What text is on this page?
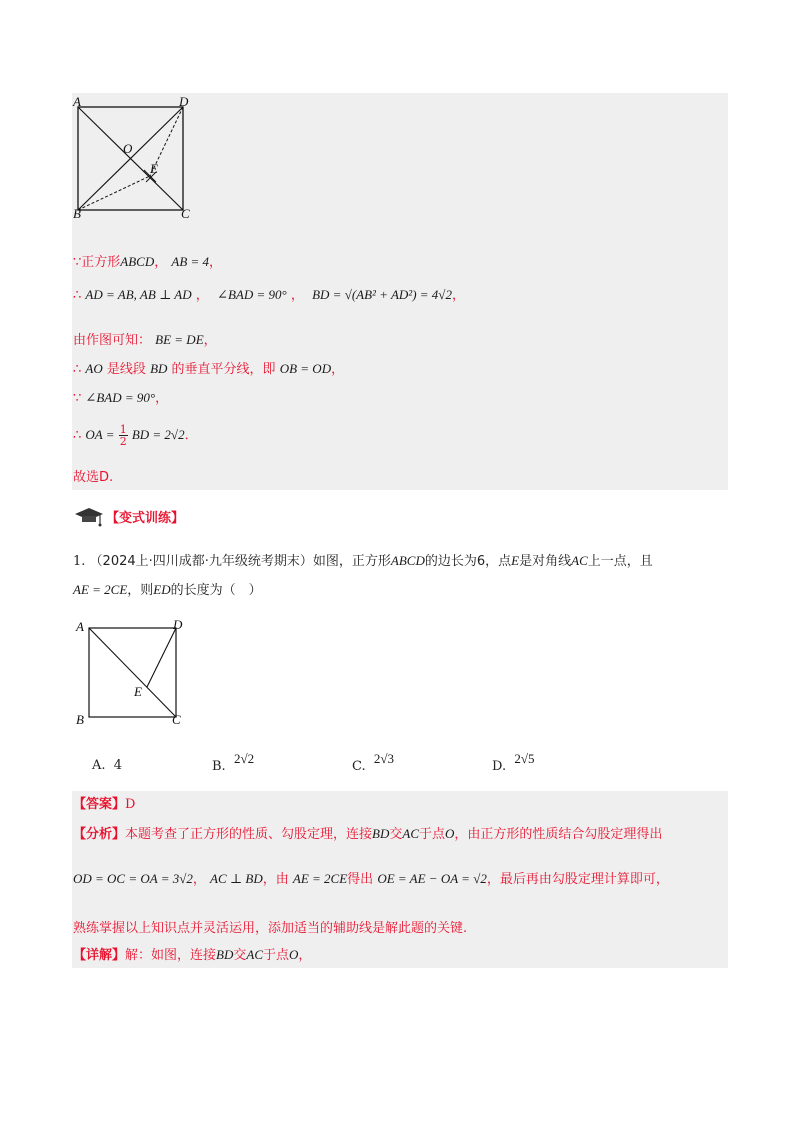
A	D
O
E
B	C
∵正方形ABCD， AB = 4，
∴ AD = AB, AB ⊥ AD ，  ∠BAD = 90° ，  BD = √(AB² + AD²) = 4√2，
由作图可知： BE = DE，
∴ AO 是线段 BD 的垂直平分线，即 OB = OD，
∵ ∠BAD = 90°，
∴ OA = $\frac{1}{2}$ BD = 2√2．
故选D.
【变式训练】
1. （2024上·四川成都·九年级统考期末）如图，正方形ABCD的边长为6，点E是对角线AC上一点，且
AE = 2CE，则ED的长度为（　）
A	D
E
B	C
A. 4	B.  2√2
C.  2√3
D.  2√5
【答案】D
【分析】本题考查了正方形的性质、勾股定理，连接BD交AC于点O，由正方形的性质结合勾股定理得出
OD = OC = OA = 3√2， AC ⊥ BD，由 AE = 2CE得出 OE = AE − OA = √2，最后再由勾股定理计算即可，
熟练掌握以上知识点并灵活运用，添加适当的辅助线是解此题的关键.
【详解】解：如图，连接BD交AC于点O，
